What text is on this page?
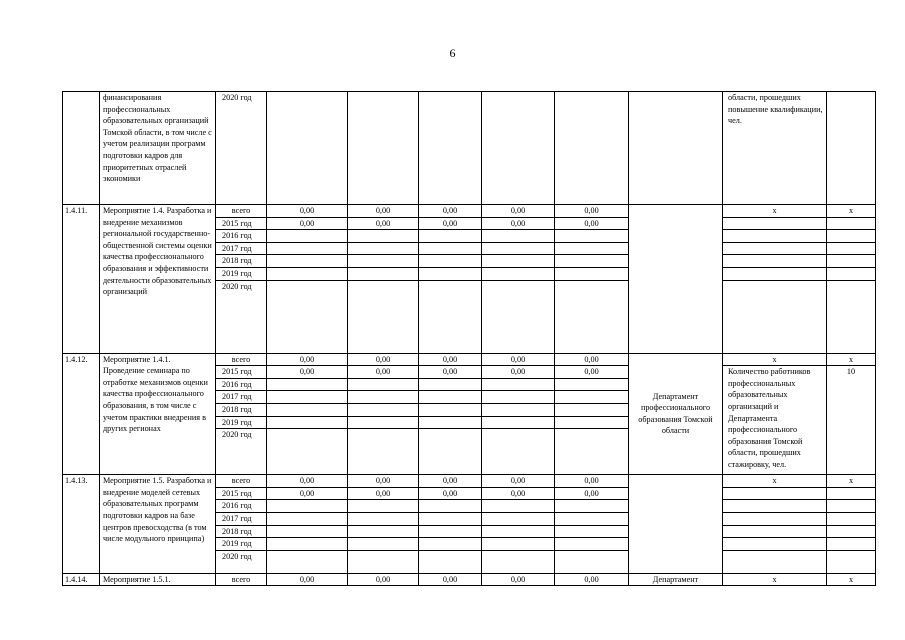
6
	финансирования профессиональных образовательных организаций Томской области, в том числе с учетом реализации программ подготовки кадров для приоритетных отраслей экономики	2020 год							области, прошедших повышение квалификации, чел.	
1.4.11.	Мероприятие 1.4. Разработка и внедрение механизмов региональной государственно-общественной системы оценки качества профессионального образования и эффективности деятельности образовательных организаций	всего	0,00	0,00	0,00	0,00	0,00		x	x
		2015 год	0,00	0,00	0,00	0,00	0,00			
		2016 год								
		2017 год								
		2018 год								
		2019 год								
		2020 год								
1.4.12.	Мероприятие 1.4.1. Проведение семинара по отработке механизмов оценки качества профессионального образования, в том числе с учетом практики внедрения в других регионах	всего	0,00	0,00	0,00	0,00	0,00	Департамент профессионального образования Томской области	x	x
		2015 год	0,00	0,00	0,00	0,00	0,00		Количество работников профессиональных образовательных организаций и Департамента профессионального образования Томской области, прошедших стажировку, чел.	10
		2016 год								
		2017 год								
		2018 год								
		2019 год								
		2020 год								
1.4.13.	Мероприятие 1.5. Разработка и внедрение моделей сетевых образовательных программ подготовки кадров на базе центров превосходства (в том числе модульного принципа)	всего	0,00	0,00	0,00	0,00	0,00		x	x
		2015 год	0,00	0,00	0,00	0,00	0,00			
		2016 год								
		2017 год								
		2018 год								
		2019 год								
		2020 год								
1.4.14.	Мероприятие 1.5.1.	всего	0,00	0,00	0,00	0,00	0,00	Департамент	x	x
